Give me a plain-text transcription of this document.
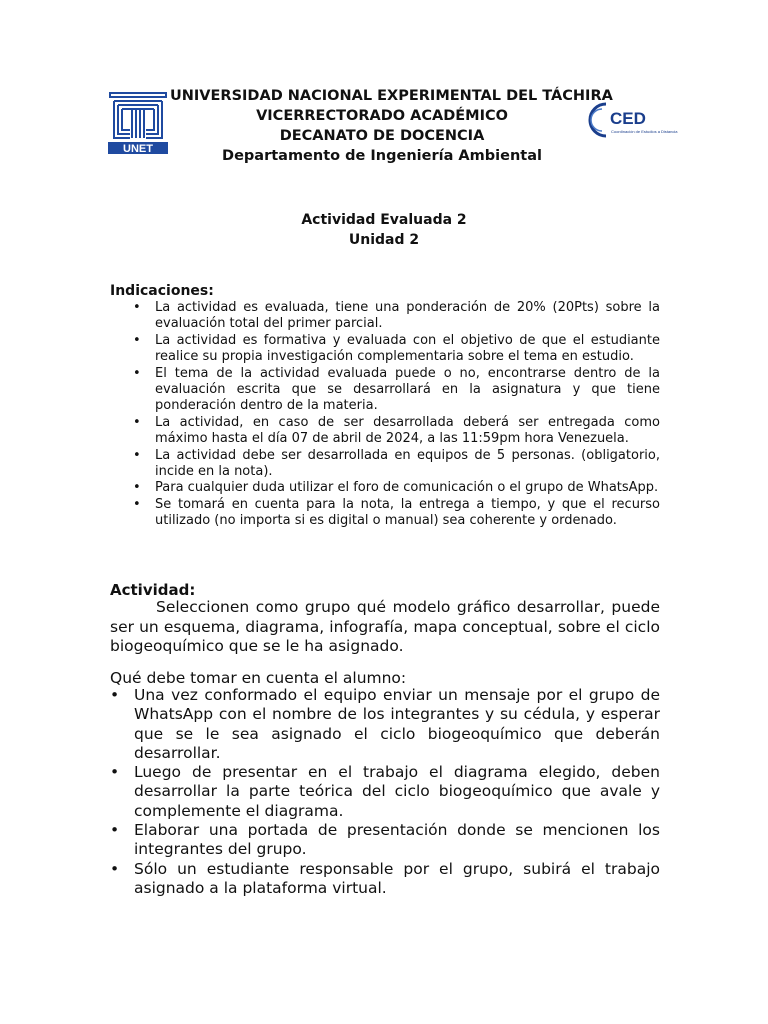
UNET
CED
Coordinación de Estudios a Distancia
UNIVERSIDAD NACIONAL EXPERIMENTAL DEL TÁCHIRA
VICERRECTORADO ACADÉMICO
DECANATO DE DOCENCIA
Departamento de Ingeniería Ambiental
Actividad Evaluada 2
Unidad 2
Indicaciones:
• La actividad es evaluada, tiene una ponderación de 20% (20Pts) sobre la evaluación total del primer parcial.
• La actividad es formativa y evaluada con el objetivo de que el estudiante realice su propia investigación complementaria sobre el tema en estudio.
• El tema de la actividad evaluada puede o no, encontrarse dentro de la evaluación escrita que se desarrollará en la asignatura y que tiene ponderación dentro de la materia.
• La actividad, en caso de ser desarrollada deberá ser entregada como máximo hasta el día 07 de abril de 2024, a las 11:59pm hora Venezuela.
• La actividad debe ser desarrollada en equipos de 5 personas. (obligatorio, incide en la nota).
• Para cualquier duda utilizar el foro de comunicación o el grupo de WhatsApp.
• Se tomará en cuenta para la nota, la entrega a tiempo, y que el recurso utilizado (no importa si es digital o manual) sea coherente y ordenado.
Actividad:
Seleccionen como grupo qué modelo gráfico desarrollar, puede ser un esquema, diagrama, infografía, mapa conceptual, sobre el ciclo biogeoquímico que se le ha asignado.
Qué debe tomar en cuenta el alumno:
• Una vez conformado el equipo enviar un mensaje por el grupo de WhatsApp con el nombre de los integrantes y su cédula, y esperar que se le sea asignado el ciclo biogeoquímico que deberán desarrollar.
• Luego de presentar en el trabajo el diagrama elegido, deben desarrollar la parte teórica del ciclo biogeoquímico que avale y complemente el diagrama.
• Elaborar una portada de presentación donde se mencionen los integrantes del grupo.
• Sólo un estudiante responsable por el grupo, subirá el trabajo asignado a la plataforma virtual.
